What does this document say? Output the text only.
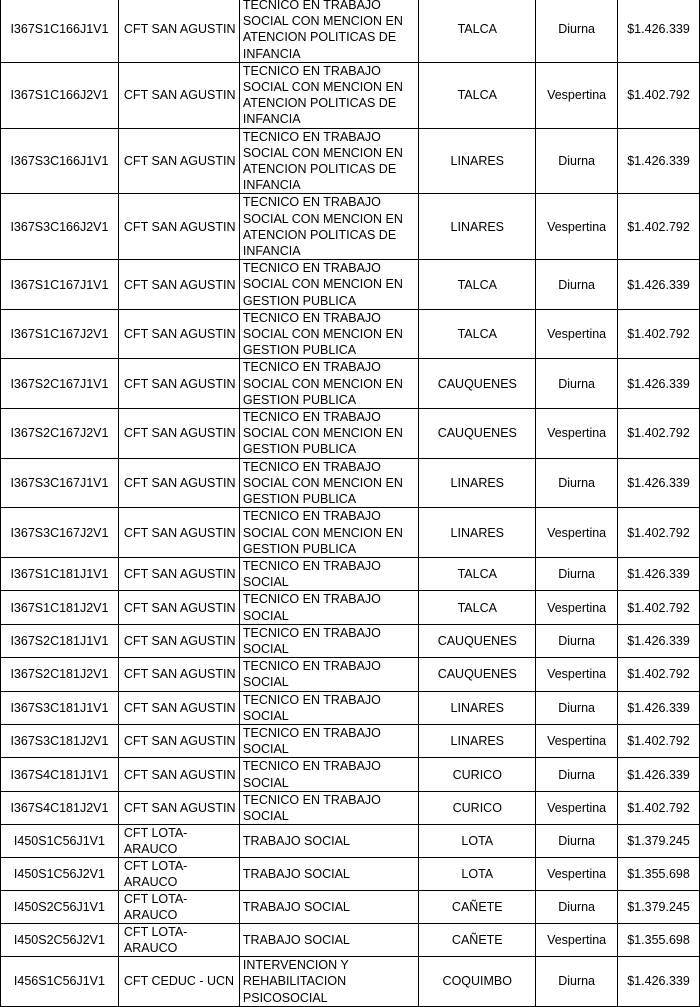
I367S1C166J1V1	CFT SAN AGUSTIN	TECNICO EN TRABAJO SOCIAL CON MENCION EN ATENCION POLITICAS DE INFANCIA	TALCA	Diurna	$1.426.339
I367S1C166J2V1	CFT SAN AGUSTIN	TECNICO EN TRABAJO SOCIAL CON MENCION EN ATENCION POLITICAS DE INFANCIA	TALCA	Vespertina	$1.402.792
I367S3C166J1V1	CFT SAN AGUSTIN	TECNICO EN TRABAJO SOCIAL CON MENCION EN ATENCION POLITICAS DE INFANCIA	LINARES	Diurna	$1.426.339
I367S3C166J2V1	CFT SAN AGUSTIN	TECNICO EN TRABAJO SOCIAL CON MENCION EN ATENCION POLITICAS DE INFANCIA	LINARES	Vespertina	$1.402.792
I367S1C167J1V1	CFT SAN AGUSTIN	TECNICO EN TRABAJO SOCIAL CON MENCION EN GESTION PUBLICA	TALCA	Diurna	$1.426.339
I367S1C167J2V1	CFT SAN AGUSTIN	TECNICO EN TRABAJO SOCIAL CON MENCION EN GESTION PUBLICA	TALCA	Vespertina	$1.402.792
I367S2C167J1V1	CFT SAN AGUSTIN	TECNICO EN TRABAJO SOCIAL CON MENCION EN GESTION PUBLICA	CAUQUENES	Diurna	$1.426.339
I367S2C167J2V1	CFT SAN AGUSTIN	TECNICO EN TRABAJO SOCIAL CON MENCION EN GESTION PUBLICA	CAUQUENES	Vespertina	$1.402.792
I367S3C167J1V1	CFT SAN AGUSTIN	TECNICO EN TRABAJO SOCIAL CON MENCION EN GESTION PUBLICA	LINARES	Diurna	$1.426.339
I367S3C167J2V1	CFT SAN AGUSTIN	TECNICO EN TRABAJO SOCIAL CON MENCION EN GESTION PUBLICA	LINARES	Vespertina	$1.402.792
I367S1C181J1V1	CFT SAN AGUSTIN	TECNICO EN TRABAJO SOCIAL	TALCA	Diurna	$1.426.339
I367S1C181J2V1	CFT SAN AGUSTIN	TECNICO EN TRABAJO SOCIAL	TALCA	Vespertina	$1.402.792
I367S2C181J1V1	CFT SAN AGUSTIN	TECNICO EN TRABAJO SOCIAL	CAUQUENES	Diurna	$1.426.339
I367S2C181J2V1	CFT SAN AGUSTIN	TECNICO EN TRABAJO SOCIAL	CAUQUENES	Vespertina	$1.402.792
I367S3C181J1V1	CFT SAN AGUSTIN	TECNICO EN TRABAJO SOCIAL	LINARES	Diurna	$1.426.339
I367S3C181J2V1	CFT SAN AGUSTIN	TECNICO EN TRABAJO SOCIAL	LINARES	Vespertina	$1.402.792
I367S4C181J1V1	CFT SAN AGUSTIN	TECNICO EN TRABAJO SOCIAL	CURICO	Diurna	$1.426.339
I367S4C181J2V1	CFT SAN AGUSTIN	TECNICO EN TRABAJO SOCIAL	CURICO	Vespertina	$1.402.792
I450S1C56J1V1	CFT LOTA-ARAUCO	TRABAJO SOCIAL	LOTA	Diurna	$1.379.245
I450S1C56J2V1	CFT LOTA-ARAUCO	TRABAJO SOCIAL	LOTA	Vespertina	$1.355.698
I450S2C56J1V1	CFT LOTA-ARAUCO	TRABAJO SOCIAL	CAÑETE	Diurna	$1.379.245
I450S2C56J2V1	CFT LOTA-ARAUCO	TRABAJO SOCIAL	CAÑETE	Vespertina	$1.355.698
I456S1C56J1V1	CFT CEDUC - UCN	INTERVENCION Y REHABILITACION PSICOSOCIAL	COQUIMBO	Diurna	$1.426.339
